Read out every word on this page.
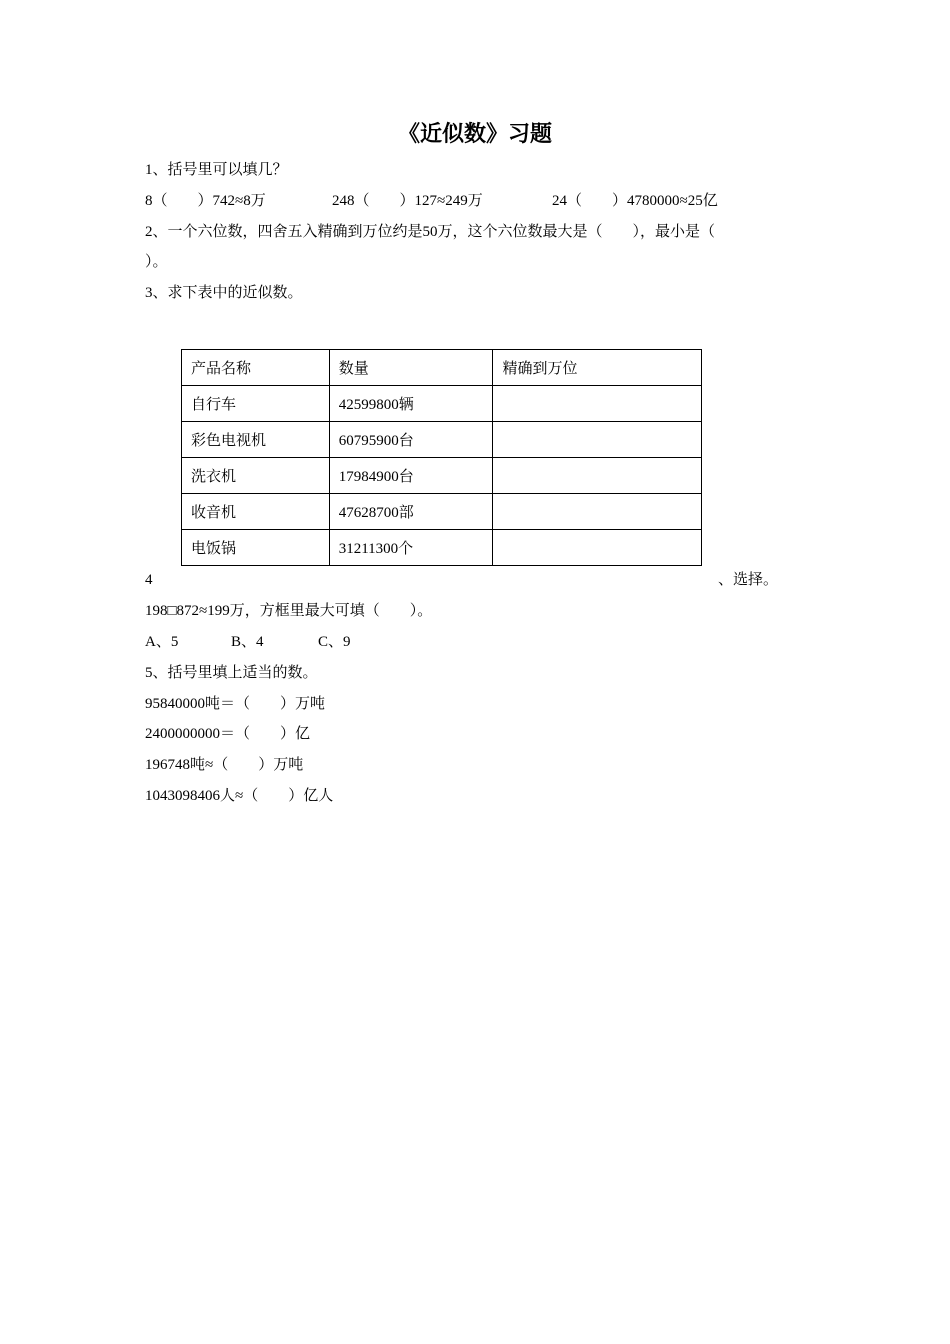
《近似数》习题
1、括号里可以填几？
8（　　）742≈8万	248（　　）127≈249万	24（　　）4780000≈25亿
2、一个六位数，四舍五入精确到万位约是50万，这个六位数最大是（　　），最小是（
）。
3、求下表中的近似数。
产品名称	数量	精确到万位
自行车	42599800辆	
彩色电视机	60795900台	
洗衣机	17984900台	
收音机	47628700部	
电饭锅	31211300个	
4	、选择。
198□872≈199万，方框里最大可填（　　）。
A、5	B、4	C、9
5、括号里填上适当的数。
95840000吨＝（　　）万吨
2400000000＝（　　）亿
196748吨≈（　　）万吨
1043098406人≈（　　）亿人
